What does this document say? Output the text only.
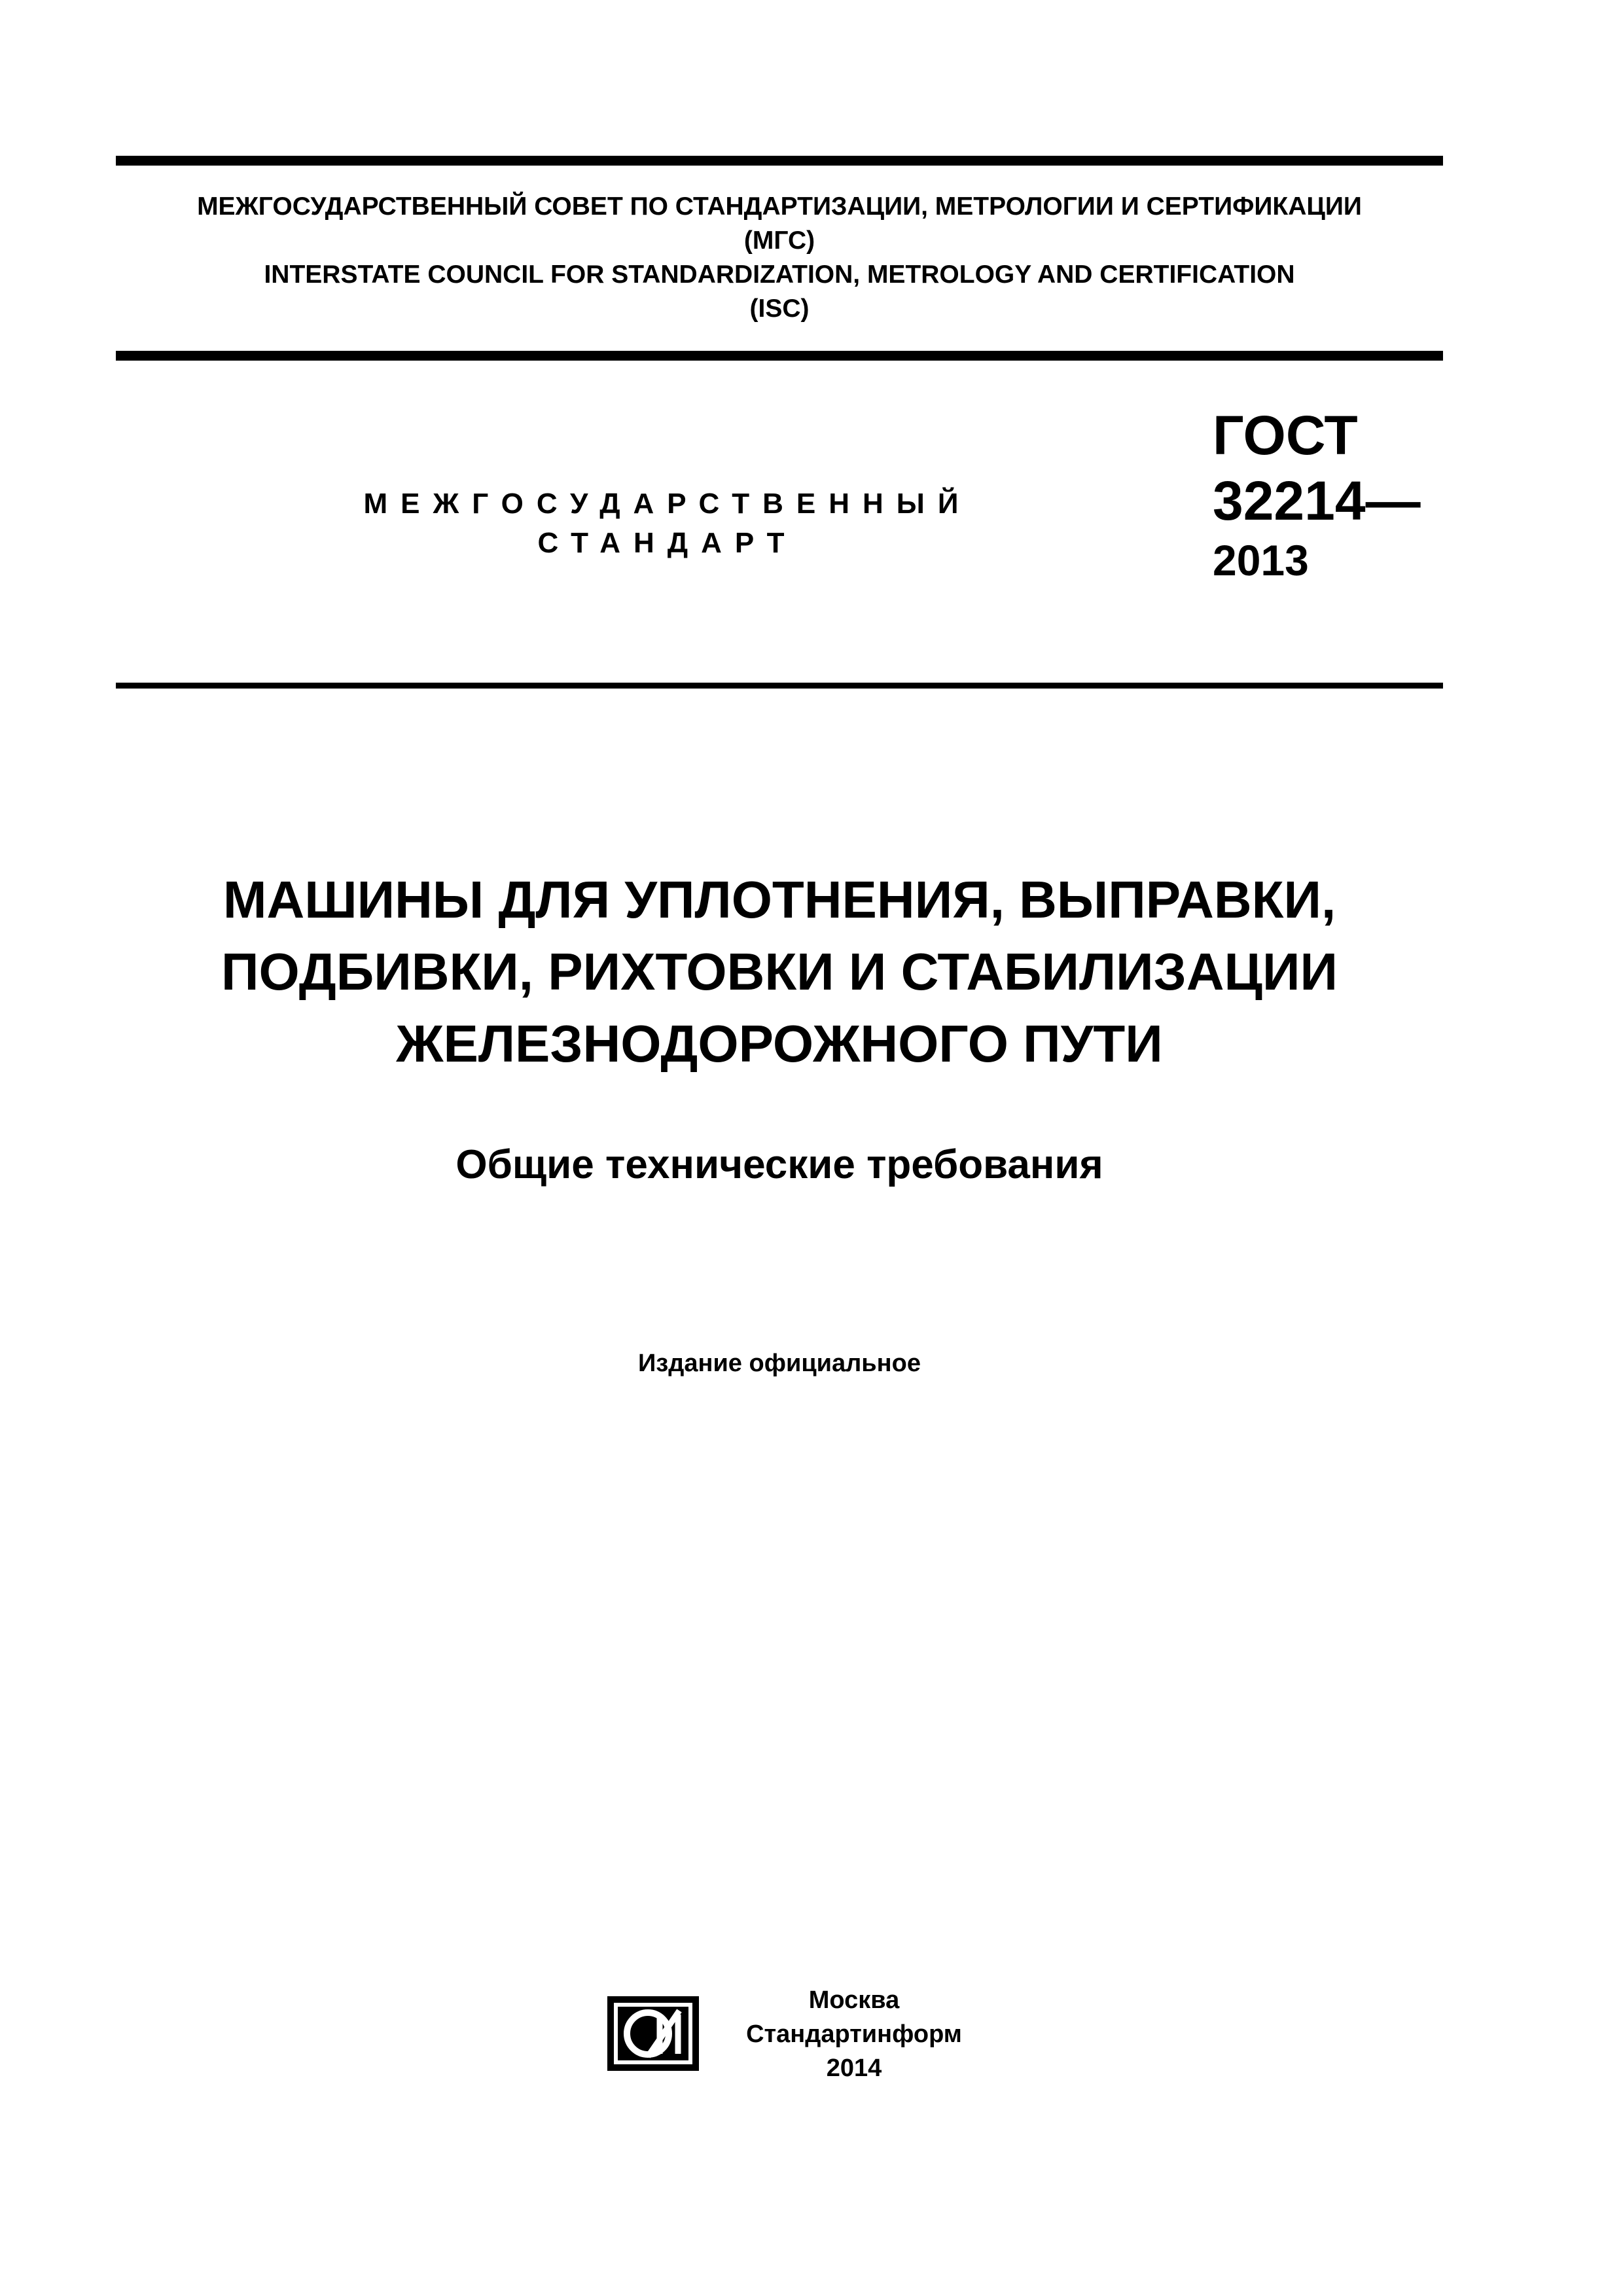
МЕЖГОСУДАРСТВЕННЫЙ СОВЕТ ПО СТАНДАРТИЗАЦИИ, МЕТРОЛОГИИ И СЕРТИФИКАЦИИ
(МГС)
INTERSTATE COUNCIL FOR STANDARDIZATION, METROLOGY AND CERTIFICATION
(ISC)
МЕЖГОСУДАРСТВЕННЫЙ
СТАНДАРТ
ГОСТ
32214—
2013
МАШИНЫ ДЛЯ УПЛОТНЕНИЯ, ВЫПРАВКИ,
ПОДБИВКИ, РИХТОВКИ И СТАБИЛИЗАЦИИ
ЖЕЛЕЗНОДОРОЖНОГО ПУТИ
Общие технические требования
Издание официальное
Москва
Стандартинформ
2014
